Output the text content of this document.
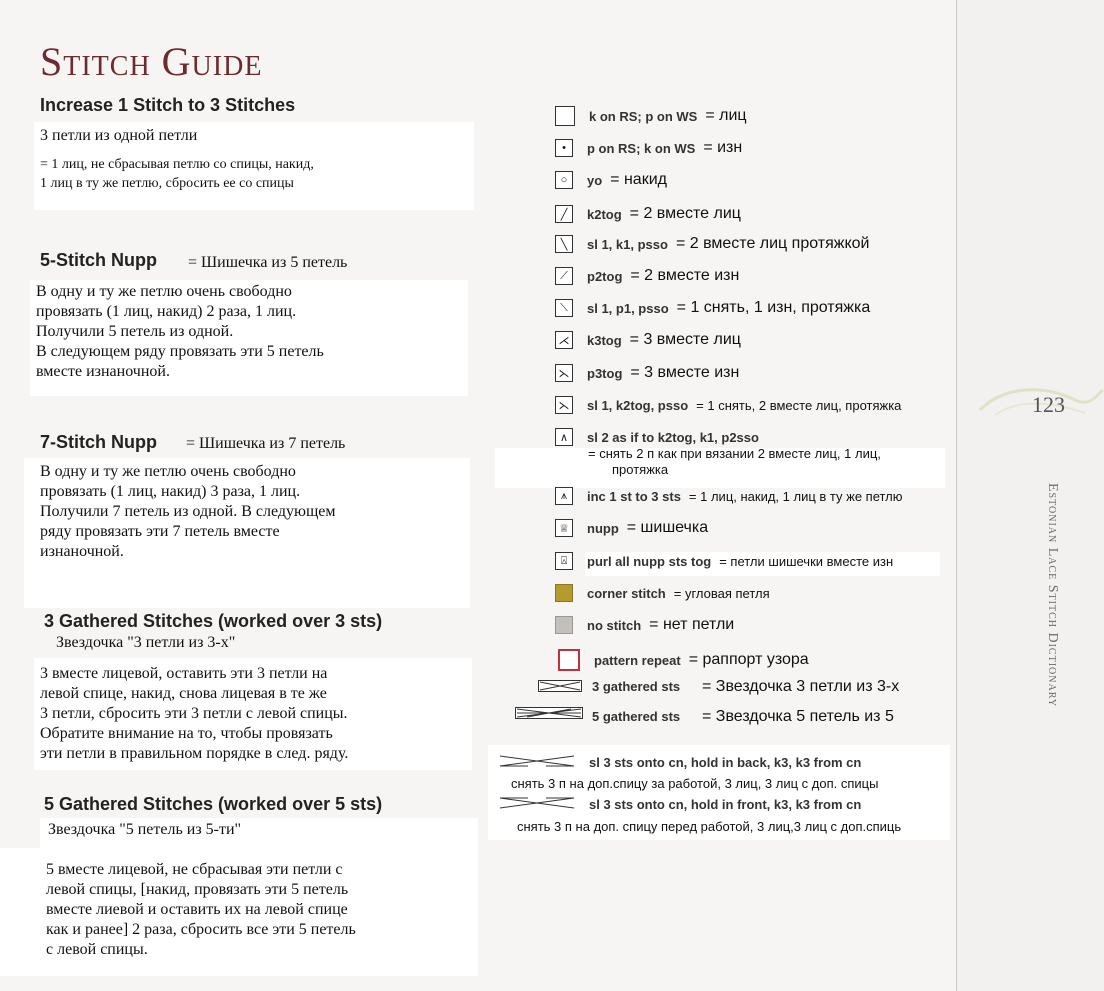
Stitch Guide
Increase 1 Stitch to 3 Stitches
3 петли из одной петли
= 1 лиц, не сбрасывая петлю со спицы, накид,
1 лиц в ту же петлю, сбросить ее со спицы
5-Stitch Nupp = Шишечка из 5 петель
В одну и ту же петлю очень свободно
провязать (1 лиц, накид) 2 раза, 1 лиц.
Получили 5 петель из одной.
В следующем ряду провязать эти 5 петель
вместе изнаночной.
7-Stitch Nupp = Шишечка из 7 петель
В одну и ту же петлю очень свободно
провязать (1 лиц, накид) 3 раза, 1 лиц.
Получили 7 петель из одной. В следующем
ряду провязать эти 7 петель вместе
изнаночной.
3 Gathered Stitches (worked over 3 sts)
Звездочка "3 петли из 3-х"
3 вместе лицевой, оставить эти 3 петли на
левой спице, накид, снова лицевая в те же
3 петли, сбросить эти 3 петли с левой спицы.
Обратите внимание на то, чтобы провязать
эти петли в правильном порядке в след. ряду.
5 Gathered Stitches (worked over 5 sts)
Звездочка "5 петель из 5-ти"
5 вместе лицевой, не сбрасывая эти петли с
левой спицы, [накид, провязать эти 5 петель
вместе лиевой и оставить их на левой спице
как и ранее] 2 раза, сбросить все эти 5 петель
с левой спицы.
k on RS; p on WS = лиц
•	p on RS; k on WS = изн
○	yo = накид
╱	k2tog = 2 вместе лиц
╲	sl 1, k1, psso = 2 вместе лиц протяжкой
⟋	p2tog = 2 вместе изн
⟍	sl 1, p1, psso = 1 снять, 1 изн, протяжка
⋌ k3tog = 3 вместе лиц
⋋ p3tog = 3 вместе изн
⋋ sl 1, k2tog, psso = 1 снять, 2 вместе лиц, протяжка
∧	sl 2 as if to k2tog, k1, p2sso
= снять 2 п как при вязании 2 вместе лиц, 1 лиц,
протяжка
⩚	inc 1 st to 3 sts = 1 лиц, накид, 1 лиц в ту же петлю
♕	nupp = шишечка
⍓	purl all nupp sts tog = петли шишечки вместе изн
corner stitch = угловая петля
no stitch = нет петли
pattern repeat = раппорт узора
3 gathered sts = Звездочка 3 петли из 3-х
5 gathered sts = Звездочка 5 петель из 5
sl 3 sts onto cn, hold in back, k3, k3 from cn
снять 3 п на доп.спицу за работой, 3 лиц, 3 лиц с доп. спицы
sl 3 sts onto cn, hold in front, k3, k3 from cn
снять 3 п на доп. спицу перед работой, 3 лиц,3 лиц с доп.спиць
123
Estonian Lace Stitch Dictionary
